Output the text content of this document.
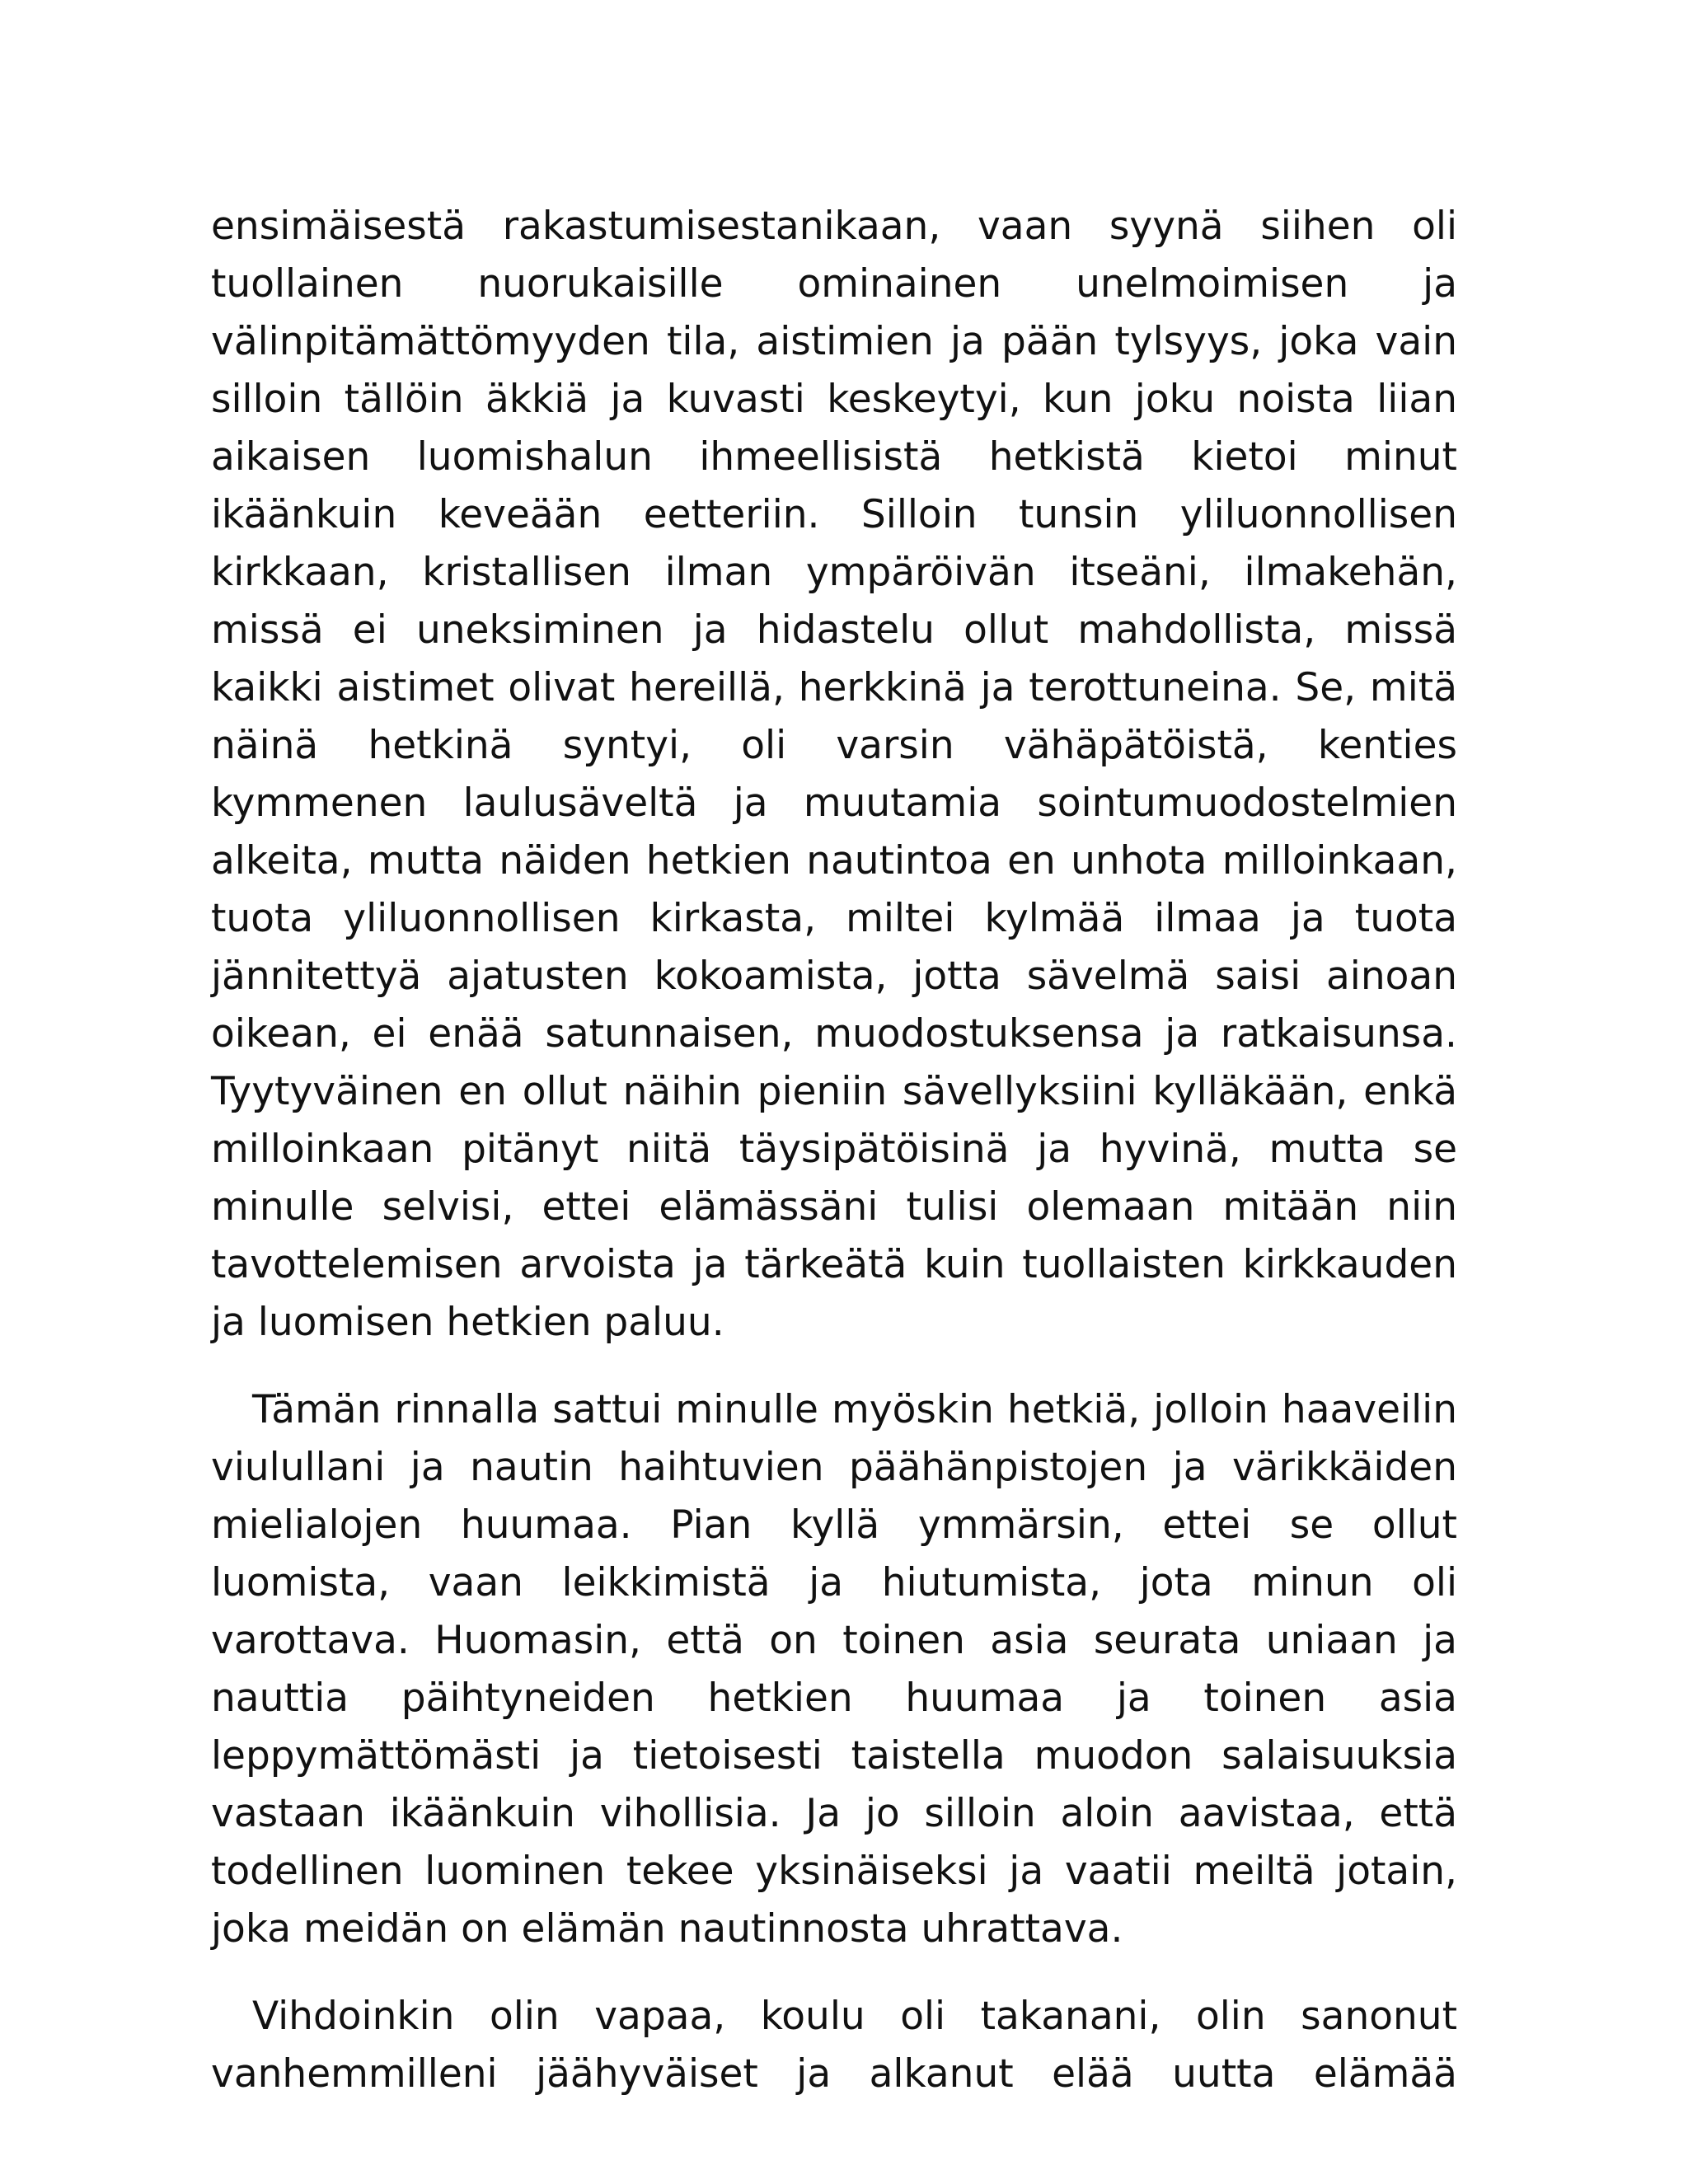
ensimäisestä rakastumisestanikaan, vaan syynä siihen oli tuollainen nuorukaisille ominainen unelmoimisen ja välinpitämättömyyden tila, aistimien ja pään tylsyys, joka vain silloin tällöin äkkiä ja kuvasti keskeytyi, kun joku noista liian aikaisen luomishalun ihmeellisistä hetkistä kietoi minut ikäänkuin keveään eetteriin. Silloin tunsin yliluonnollisen kirkkaan, kristallisen ilman ympäröivän itseäni, ilmakehän, missä ei uneksiminen ja hidastelu ollut mahdollista, missä kaikki aistimet olivat hereillä, herkkinä ja terottuneina. Se, mitä näinä hetkinä syntyi, oli varsin vähäpätöistä, kenties kymmenen laulusäveltä ja muutamia sointumuodostelmien alkeita, mutta näiden hetkien nautintoa en unhota milloinkaan, tuota yliluonnollisen kirkasta, miltei kylmää ilmaa ja tuota jännitettyä ajatusten kokoamista, jotta sävelmä saisi ainoan oikean, ei enää satunnaisen, muodostuksensa ja ratkaisunsa. Tyytyväinen en ollut näihin pieniin sävellyksiini kylläkään, enkä milloinkaan pitänyt niitä täysipätöisinä ja hyvinä, mutta se minulle selvisi, ettei elämässäni tulisi olemaan mitään niin tavottelemisen arvoista ja tärkeätä kuin tuollaisten kirkkauden ja luomisen hetkien paluu.

Tämän rinnalla sattui minulle myöskin hetkiä, jolloin haaveilin viulullani ja nautin haihtuvien päähänpistojen ja värikkäiden mielialojen huumaa. Pian kyllä ymmärsin, ettei se ollut luomista, vaan leikkimistä ja hiutumista, jota minun oli varottava. Huomasin, että on toinen asia seurata uniaan ja nauttia päihtyneiden hetkien huumaa ja toinen asia leppymättömästi ja tietoisesti taistella muodon salaisuuksia vastaan ikäänkuin vihollisia. Ja jo silloin aloin aavistaa, että todellinen luominen tekee yksinäiseksi ja vaatii meiltä jotain, joka meidän on elämän nautinnosta uhrattava.

Vihdoinkin olin vapaa, koulu oli takanani, olin sanonut vanhemmilleni jäähyväiset ja alkanut elää uutta elämää
